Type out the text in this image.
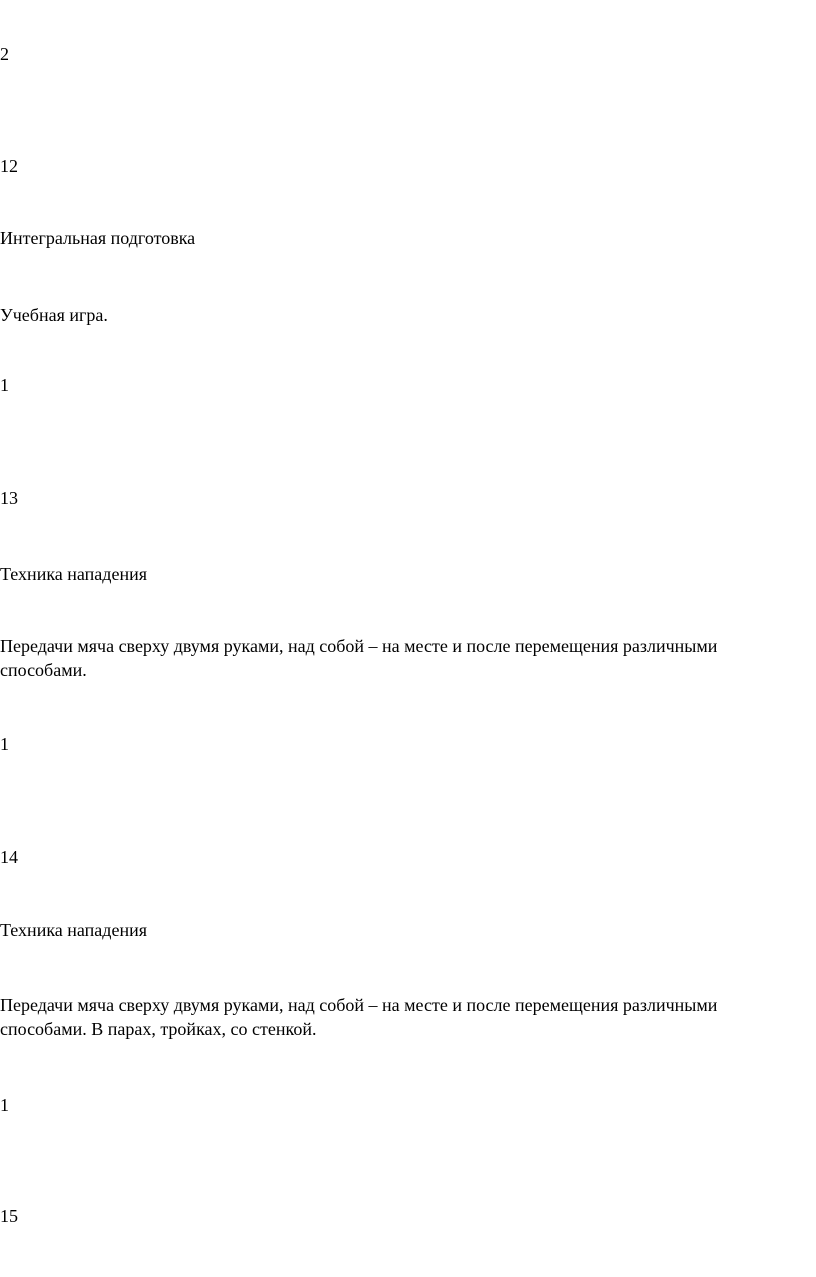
2

12

Интегральная подготовка

Учебная игра.

1

13

Техника нападения

Передачи мяча сверху двумя руками, над собой – на месте и после перемещения различными способами.

1

14

Техника нападения

Передачи мяча сверху двумя руками, над собой – на месте и после перемещения различными способами. В парах, тройках, со стенкой.

1

15
